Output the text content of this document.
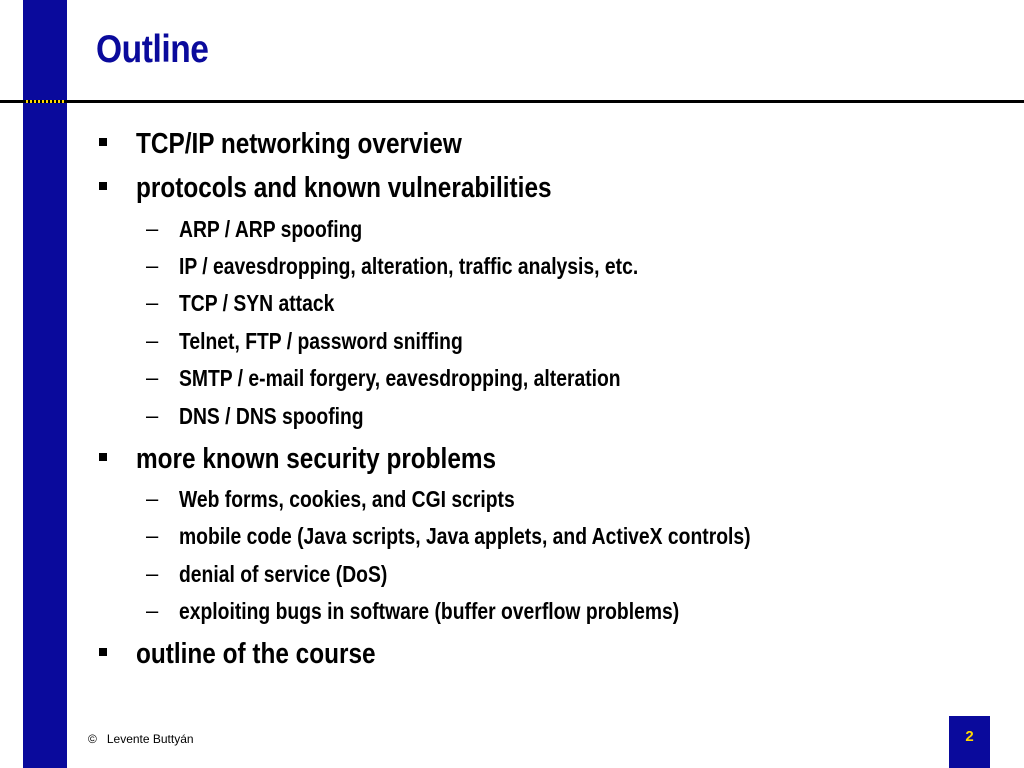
Outline
TCP/IP networking overview
protocols and known vulnerabilities
– ARP / ARP spoofing
– IP / eavesdropping, alteration, traffic analysis, etc.
– TCP / SYN attack
– Telnet, FTP / password sniffing
– SMTP / e-mail forgery, eavesdropping, alteration
– DNS / DNS spoofing
more known security problems
– Web forms, cookies, and CGI scripts
– mobile code (Java scripts, Java applets, and ActiveX controls)
– denial of service (DoS)
– exploiting bugs in software (buffer overflow problems)
outline of the course
© Levente Buttyán	2
